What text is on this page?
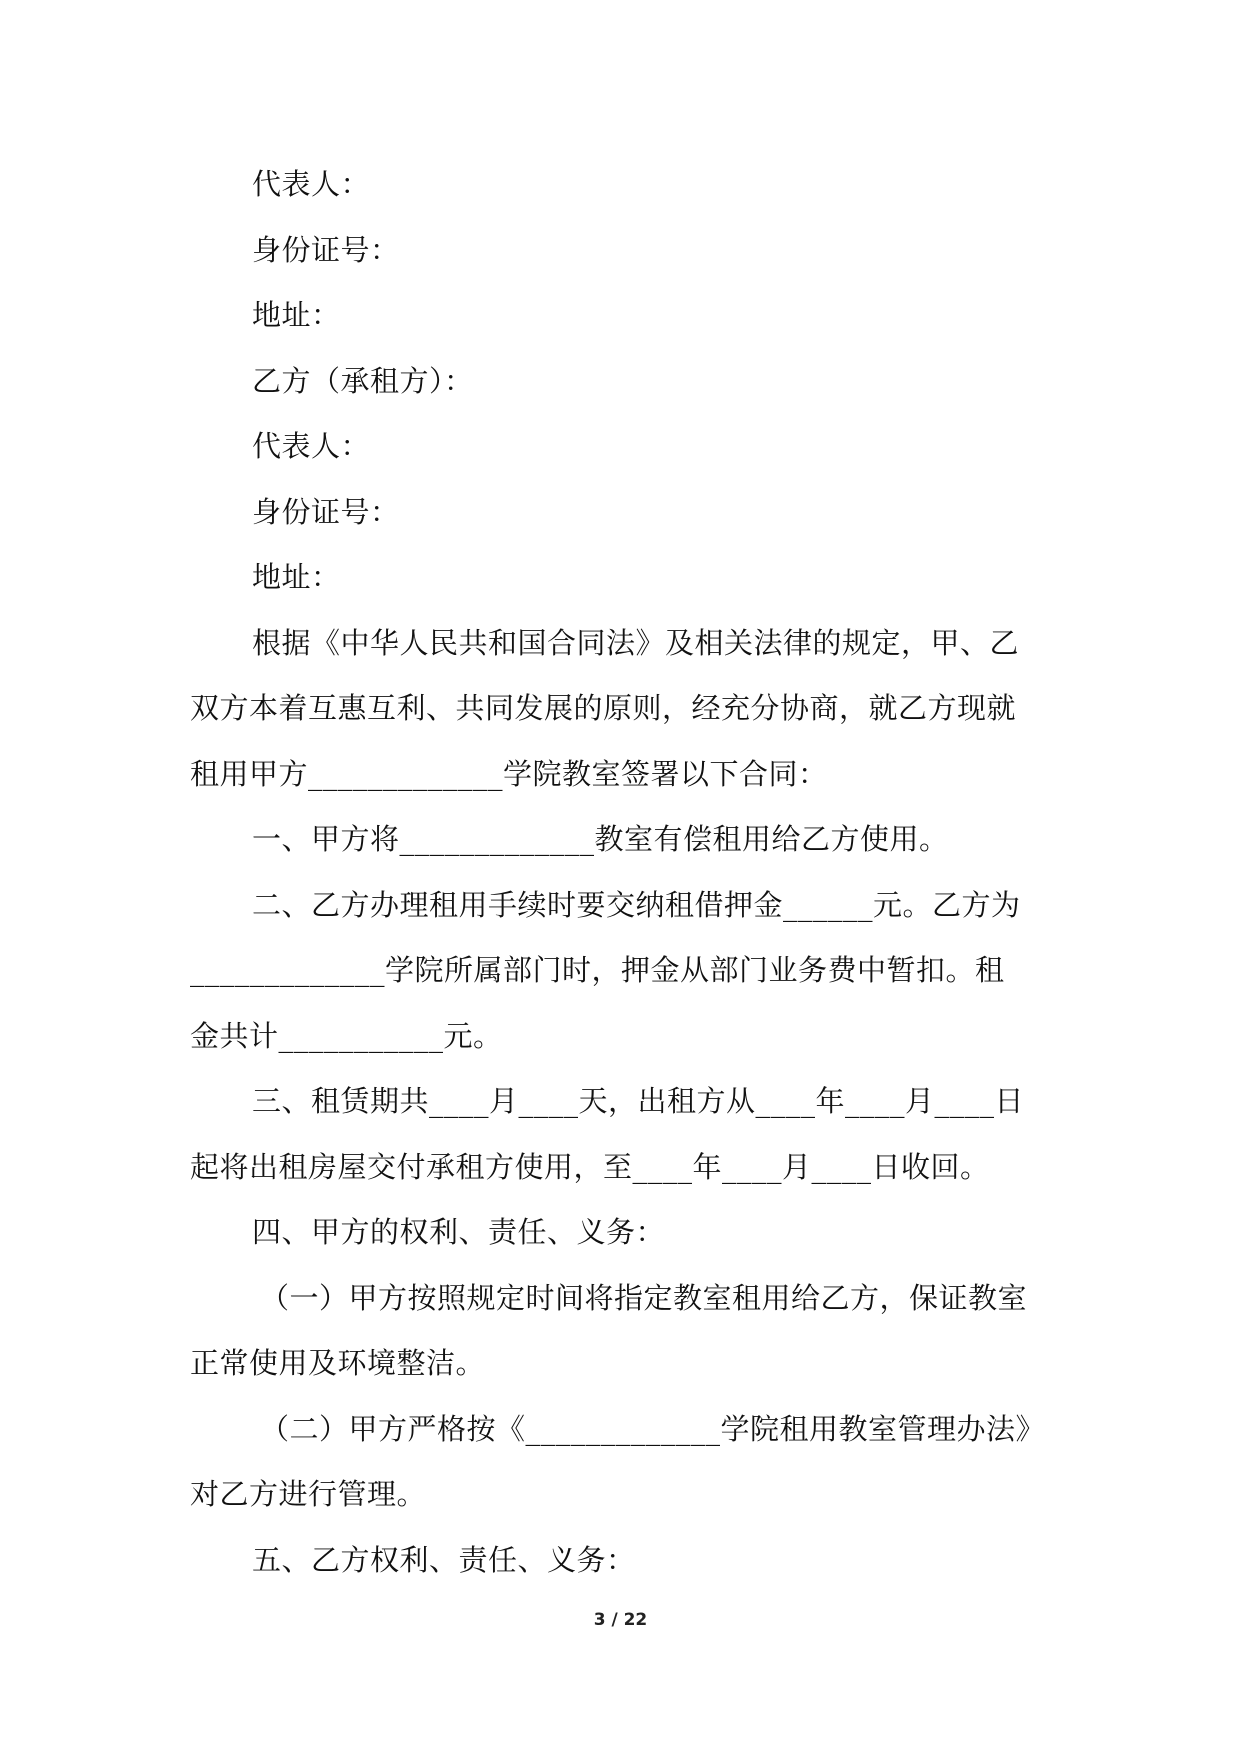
代表人：

身份证号：

地址：

乙方（承租方）：

代表人：

身份证号：

地址：

根据《中华人民共和国合同法》及相关法律的规定，甲、乙

双方本着互惠互利、共同发展的原则，经充分协商，就乙方现就

租用甲方_____________学院教室签署以下合同：

一、甲方将_____________教室有偿租用给乙方使用。

二、乙方办理租用手续时要交纳租借押金______元。乙方为

_____________学院所属部门时，押金从部门业务费中暂扣。租

金共计___________元。

三、租赁期共____月____天，出租方从____年____月____日

起将出租房屋交付承租方使用，至____年____月____日收回。

四、甲方的权利、责任、义务：

（一）甲方按照规定时间将指定教室租用给乙方，保证教室

正常使用及环境整洁。

（二）甲方严格按《_____________学院租用教室管理办法》

对乙方进行管理。

五、乙方权利、责任、义务：

3 / 22
